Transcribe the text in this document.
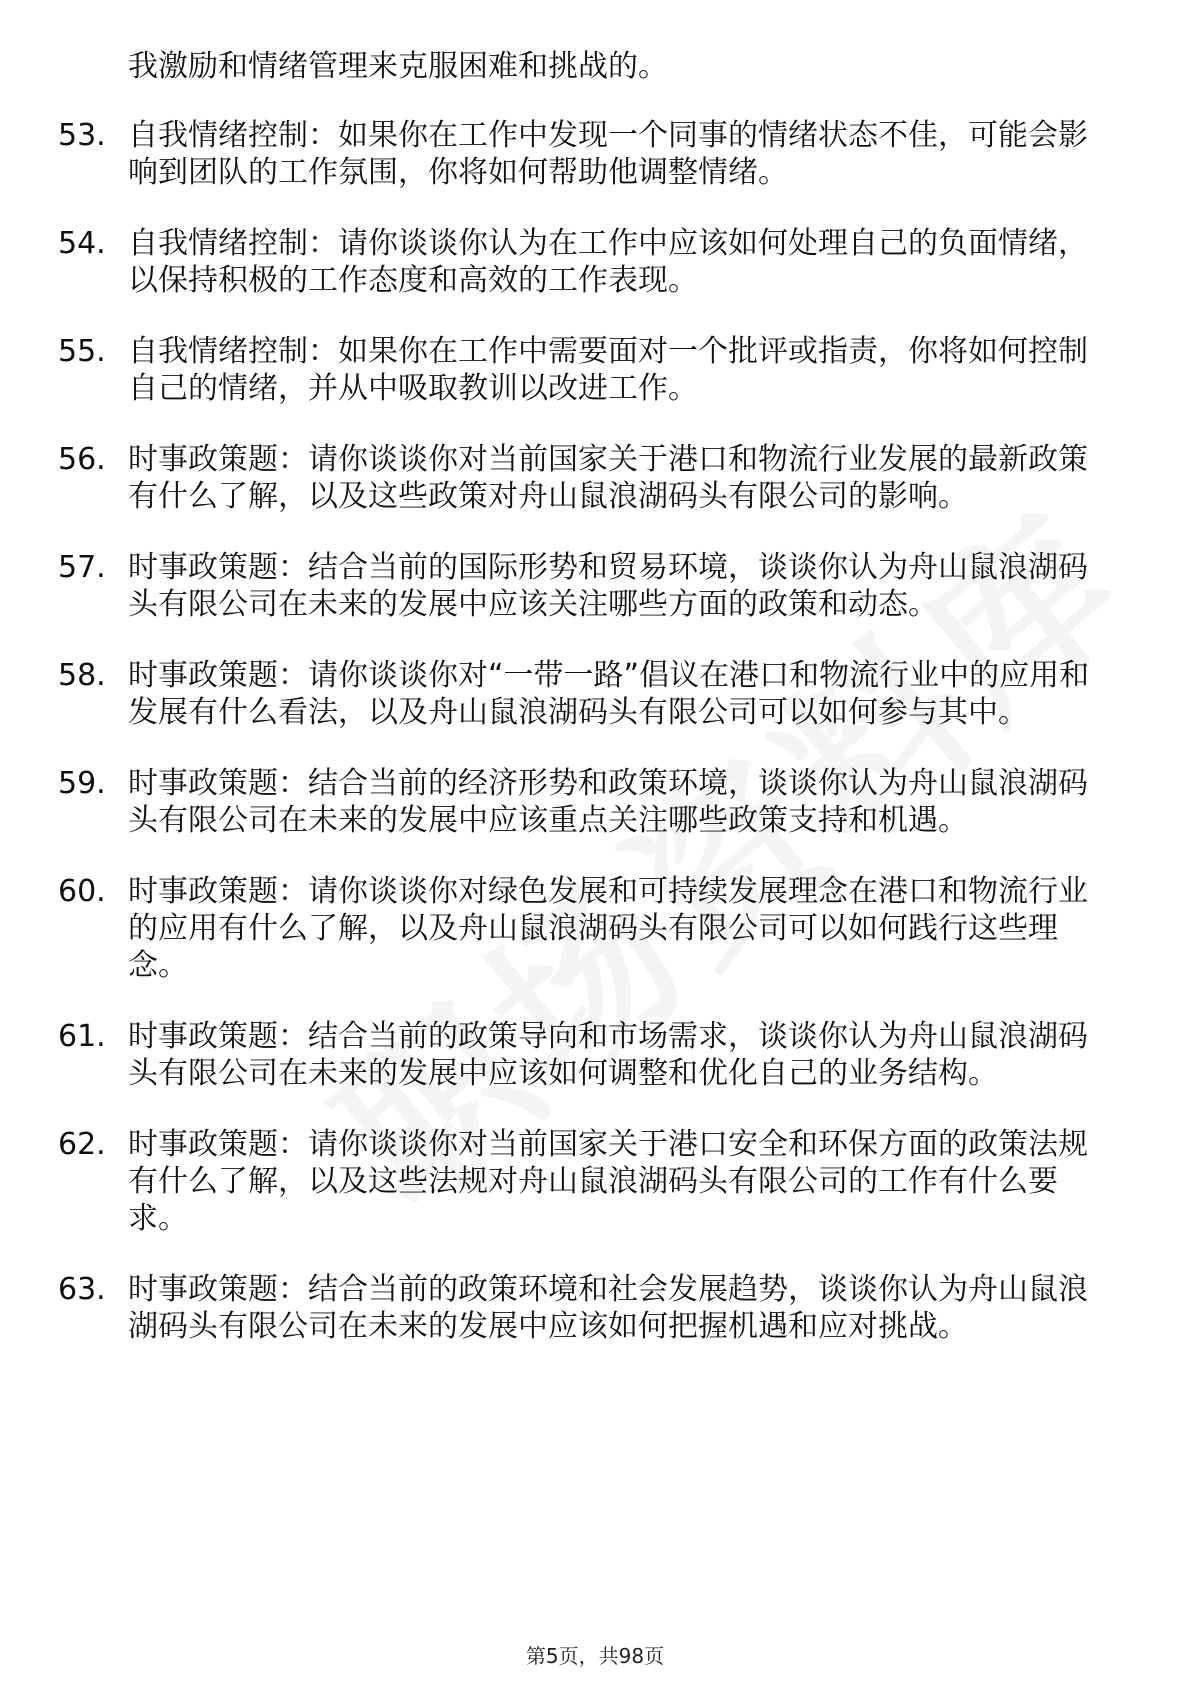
我激励和情绪管理来克服困难和挑战的。
53. 自我情绪控制：如果你在工作中发现一个同事的情绪状态不佳，可能会影响到团队的工作氛围，你将如何帮助他调整情绪。
54. 自我情绪控制：请你谈谈你认为在工作中应该如何处理自己的负面情绪，以保持积极的工作态度和高效的工作表现。
55. 自我情绪控制：如果你在工作中需要面对一个批评或指责，你将如何控制自己的情绪，并从中吸取教训以改进工作。
56. 时事政策题：请你谈谈你对当前国家关于港口和物流行业发展的最新政策有什么了解，以及这些政策对舟山鼠浪湖码头有限公司的影响。
57. 时事政策题：结合当前的国际形势和贸易环境，谈谈你认为舟山鼠浪湖码头有限公司在未来的发展中应该关注哪些方面的政策和动态。
58. 时事政策题：请你谈谈你对“一带一路”倡议在港口和物流行业中的应用和发展有什么看法，以及舟山鼠浪湖码头有限公司可以如何参与其中。
59. 时事政策题：结合当前的经济形势和政策环境，谈谈你认为舟山鼠浪湖码头有限公司在未来的发展中应该重点关注哪些政策支持和机遇。
60. 时事政策题：请你谈谈你对绿色发展和可持续发展理念在港口和物流行业的应用有什么了解，以及舟山鼠浪湖码头有限公司可以如何践行这些理念。
61. 时事政策题：结合当前的政策导向和市场需求，谈谈你认为舟山鼠浪湖码头有限公司在未来的发展中应该如何调整和优化自己的业务结构。
62. 时事政策题：请你谈谈你对当前国家关于港口安全和环保方面的政策法规有什么了解，以及这些法规对舟山鼠浪湖码头有限公司的工作有什么要求。
63. 时事政策题：结合当前的政策环境和社会发展趋势，谈谈你认为舟山鼠浪湖码头有限公司在未来的发展中应该如何把握机遇和应对挑战。
第5页，共98页
